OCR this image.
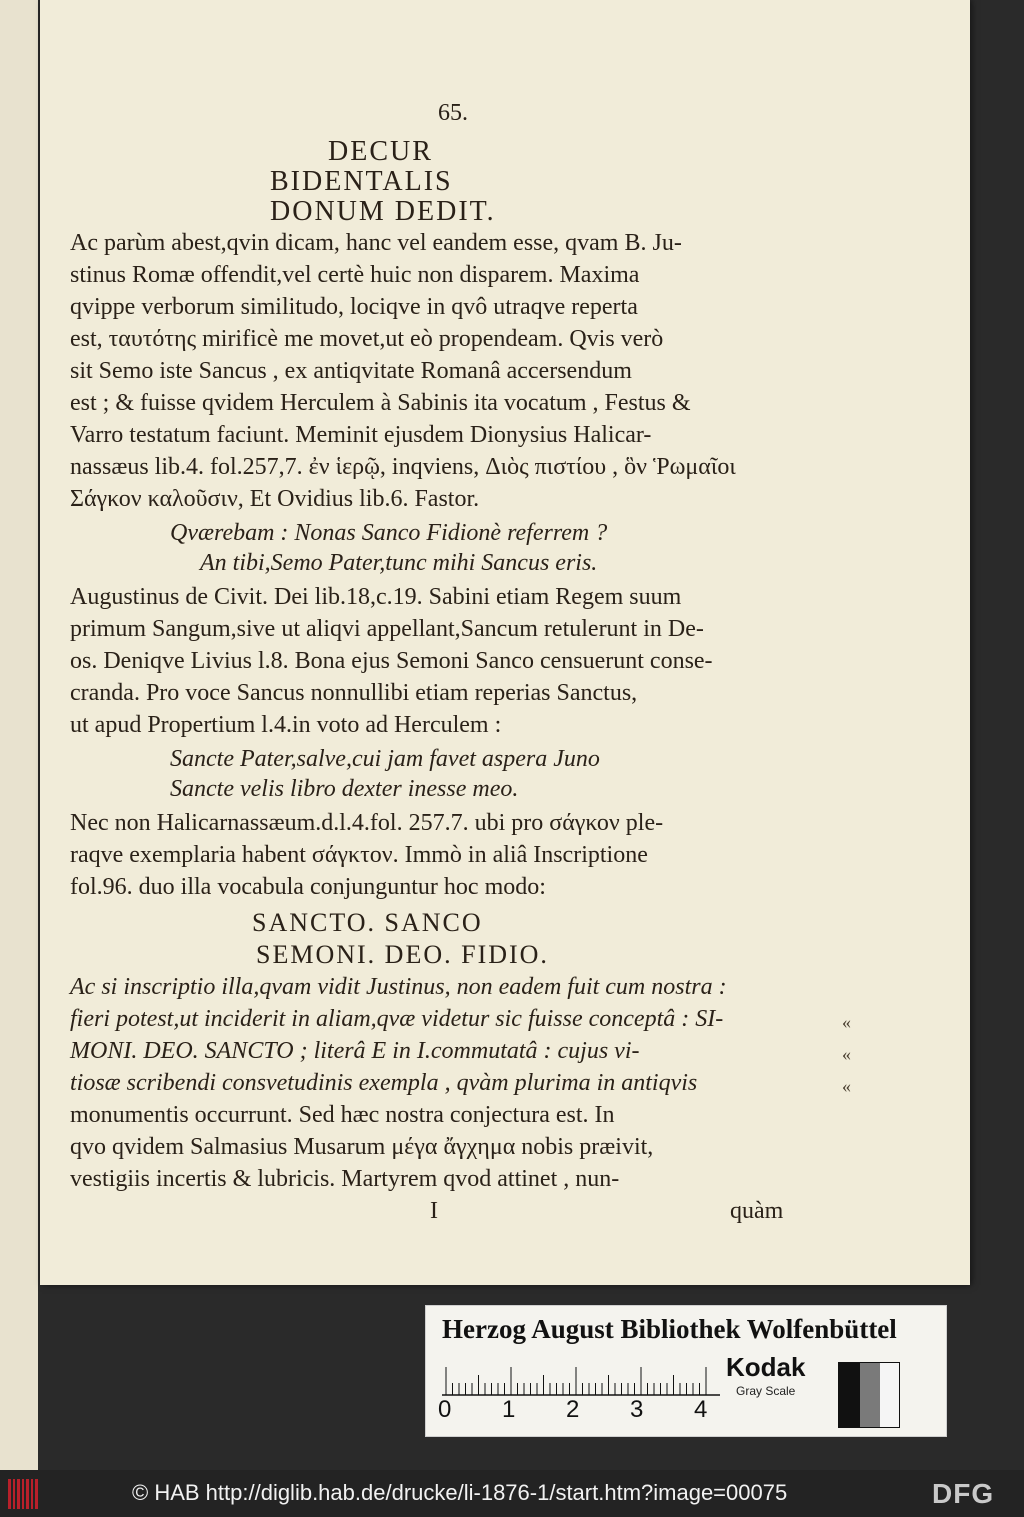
65.
DECUR
BIDENTALIS
DONUM DEDIT.
Ac parùm abest,qvin dicam, hanc vel eandem esse, qvam B. Ju-
stinus Romæ offendit,vel certè huic non disparem. Maxima
qvippe verborum similitudo, lociqve in qvô utraqve reperta
est, ταυτότης mirificè me movet,ut eò propendeam. Qvis verò
sit Semo iste Sancus , ex antiqvitate Romanâ accersendum
est ; & fuisse qvidem Herculem à Sabinis ita vocatum , Festus &
Varro testatum faciunt. Meminit ejusdem Dionysius Halicar-
nassæus lib.4. fol.257,7. ἐν ἱερῷ, inqviens, Διὸς πιστίου , ὃν Ῥωμαῖοι
Σάγκον καλοῦσιν, Et Ovidius lib.6. Fastor.
Qværebam : Nonas Sanco Fidionè referrem ?
An tibi,Semo Pater,tunc mihi Sancus eris.
Augustinus de Civit. Dei lib.18,c.19. Sabini etiam Regem suum
primum Sangum,sive ut aliqvi appellant,Sancum retulerunt in De-
os. Deniqve Livius l.8. Bona ejus Semoni Sanco censuerunt conse-
cranda. Pro voce Sancus nonnullibi etiam reperias Sanctus,
ut apud Propertium l.4.in voto ad Herculem :
Sancte Pater,salve,cui jam favet aspera Juno
Sancte velis libro dexter inesse meo.
Nec non Halicarnassæum.d.l.4.fol. 257.7. ubi pro σάγκον ple-
raqve exemplaria habent σάγκτον. Immò in aliâ Inscriptione
fol.96. duo illa vocabula conjunguntur hoc modo:
SANCTO. SANCO
SEMONI. DEO. FIDIO.
Ac si inscriptio illa,qvam vidit Justinus, non eadem fuit cum nostra :
fieri potest,ut inciderit in aliam,qvæ videtur sic fuisse conceptâ : SI-
MONI. DEO. SANCTO ; literâ E in I.commutatâ : cujus vi-
tiosæ scribendi consvetudinis exempla , qvàm plurima in antiqvis
monumentis occurrunt. Sed hæc nostra conjectura est. In
qvo qvidem Salmasius Musarum μέγα ἄγχημα nobis præivit,
vestigiis incertis & lubricis. Martyrem qvod attinet , nun-
«
«
«
I	quàm
Herzog August Bibliothek Wolfenbüttel
0 1 2 3 4
Kodak
Gray Scale
© HAB http://diglib.hab.de/drucke/li-1876-1/start.htm?image=00075	DFG
